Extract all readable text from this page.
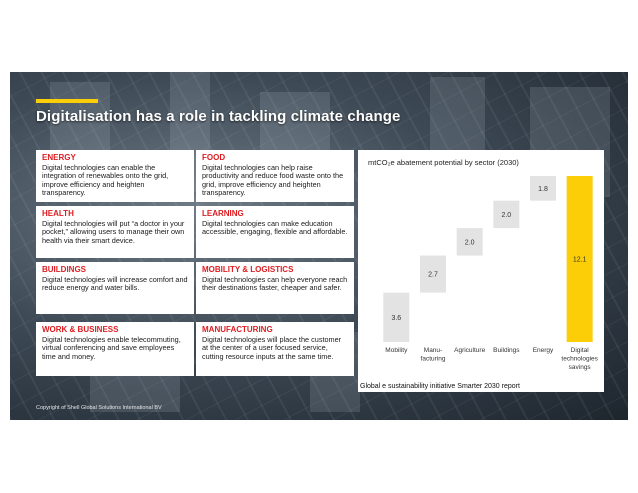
Digitalisation has a role in tackling climate change
ENERGY
Digital technologies can enable the integration of renewables onto the grid, improve efficiency and heighten transparency.
FOOD
Digital technologies can help raise productivity and reduce food waste onto the grid, improve efficiency and heighten transparency.
HEALTH
Digital technologies will put “a doctor in your pocket,” allowing users to manage their own health via their smart device.
LEARNING
Digital technologies can make education accessible, engaging, flexible and affordable.
BUILDINGS
Digital technologies will increase comfort and reduce energy and water bills.
MOBILITY & LOGISTICS
Digital technologies can help everyone reach their destinations faster, cheaper and safer.
WORK & BUSINESS
Digital technologies enable telecommuting, virtual conferencing and save employees time and money.
MANUFACTURING
Digital technologies will place the customer at the center of a user focused service, cutting resource inputs at the same time.
mtCO₂e abatement potential by sector (2030)
3.6
Mobility
2.7
Manu-
facturing
2.0
Agriculture
2.0
Buildings
1.8
Energy
12.1
Digital
technologies
savings
Global e sustainability initiative Smarter 2030 report
Copyright of Shell Global Solutions International BV
